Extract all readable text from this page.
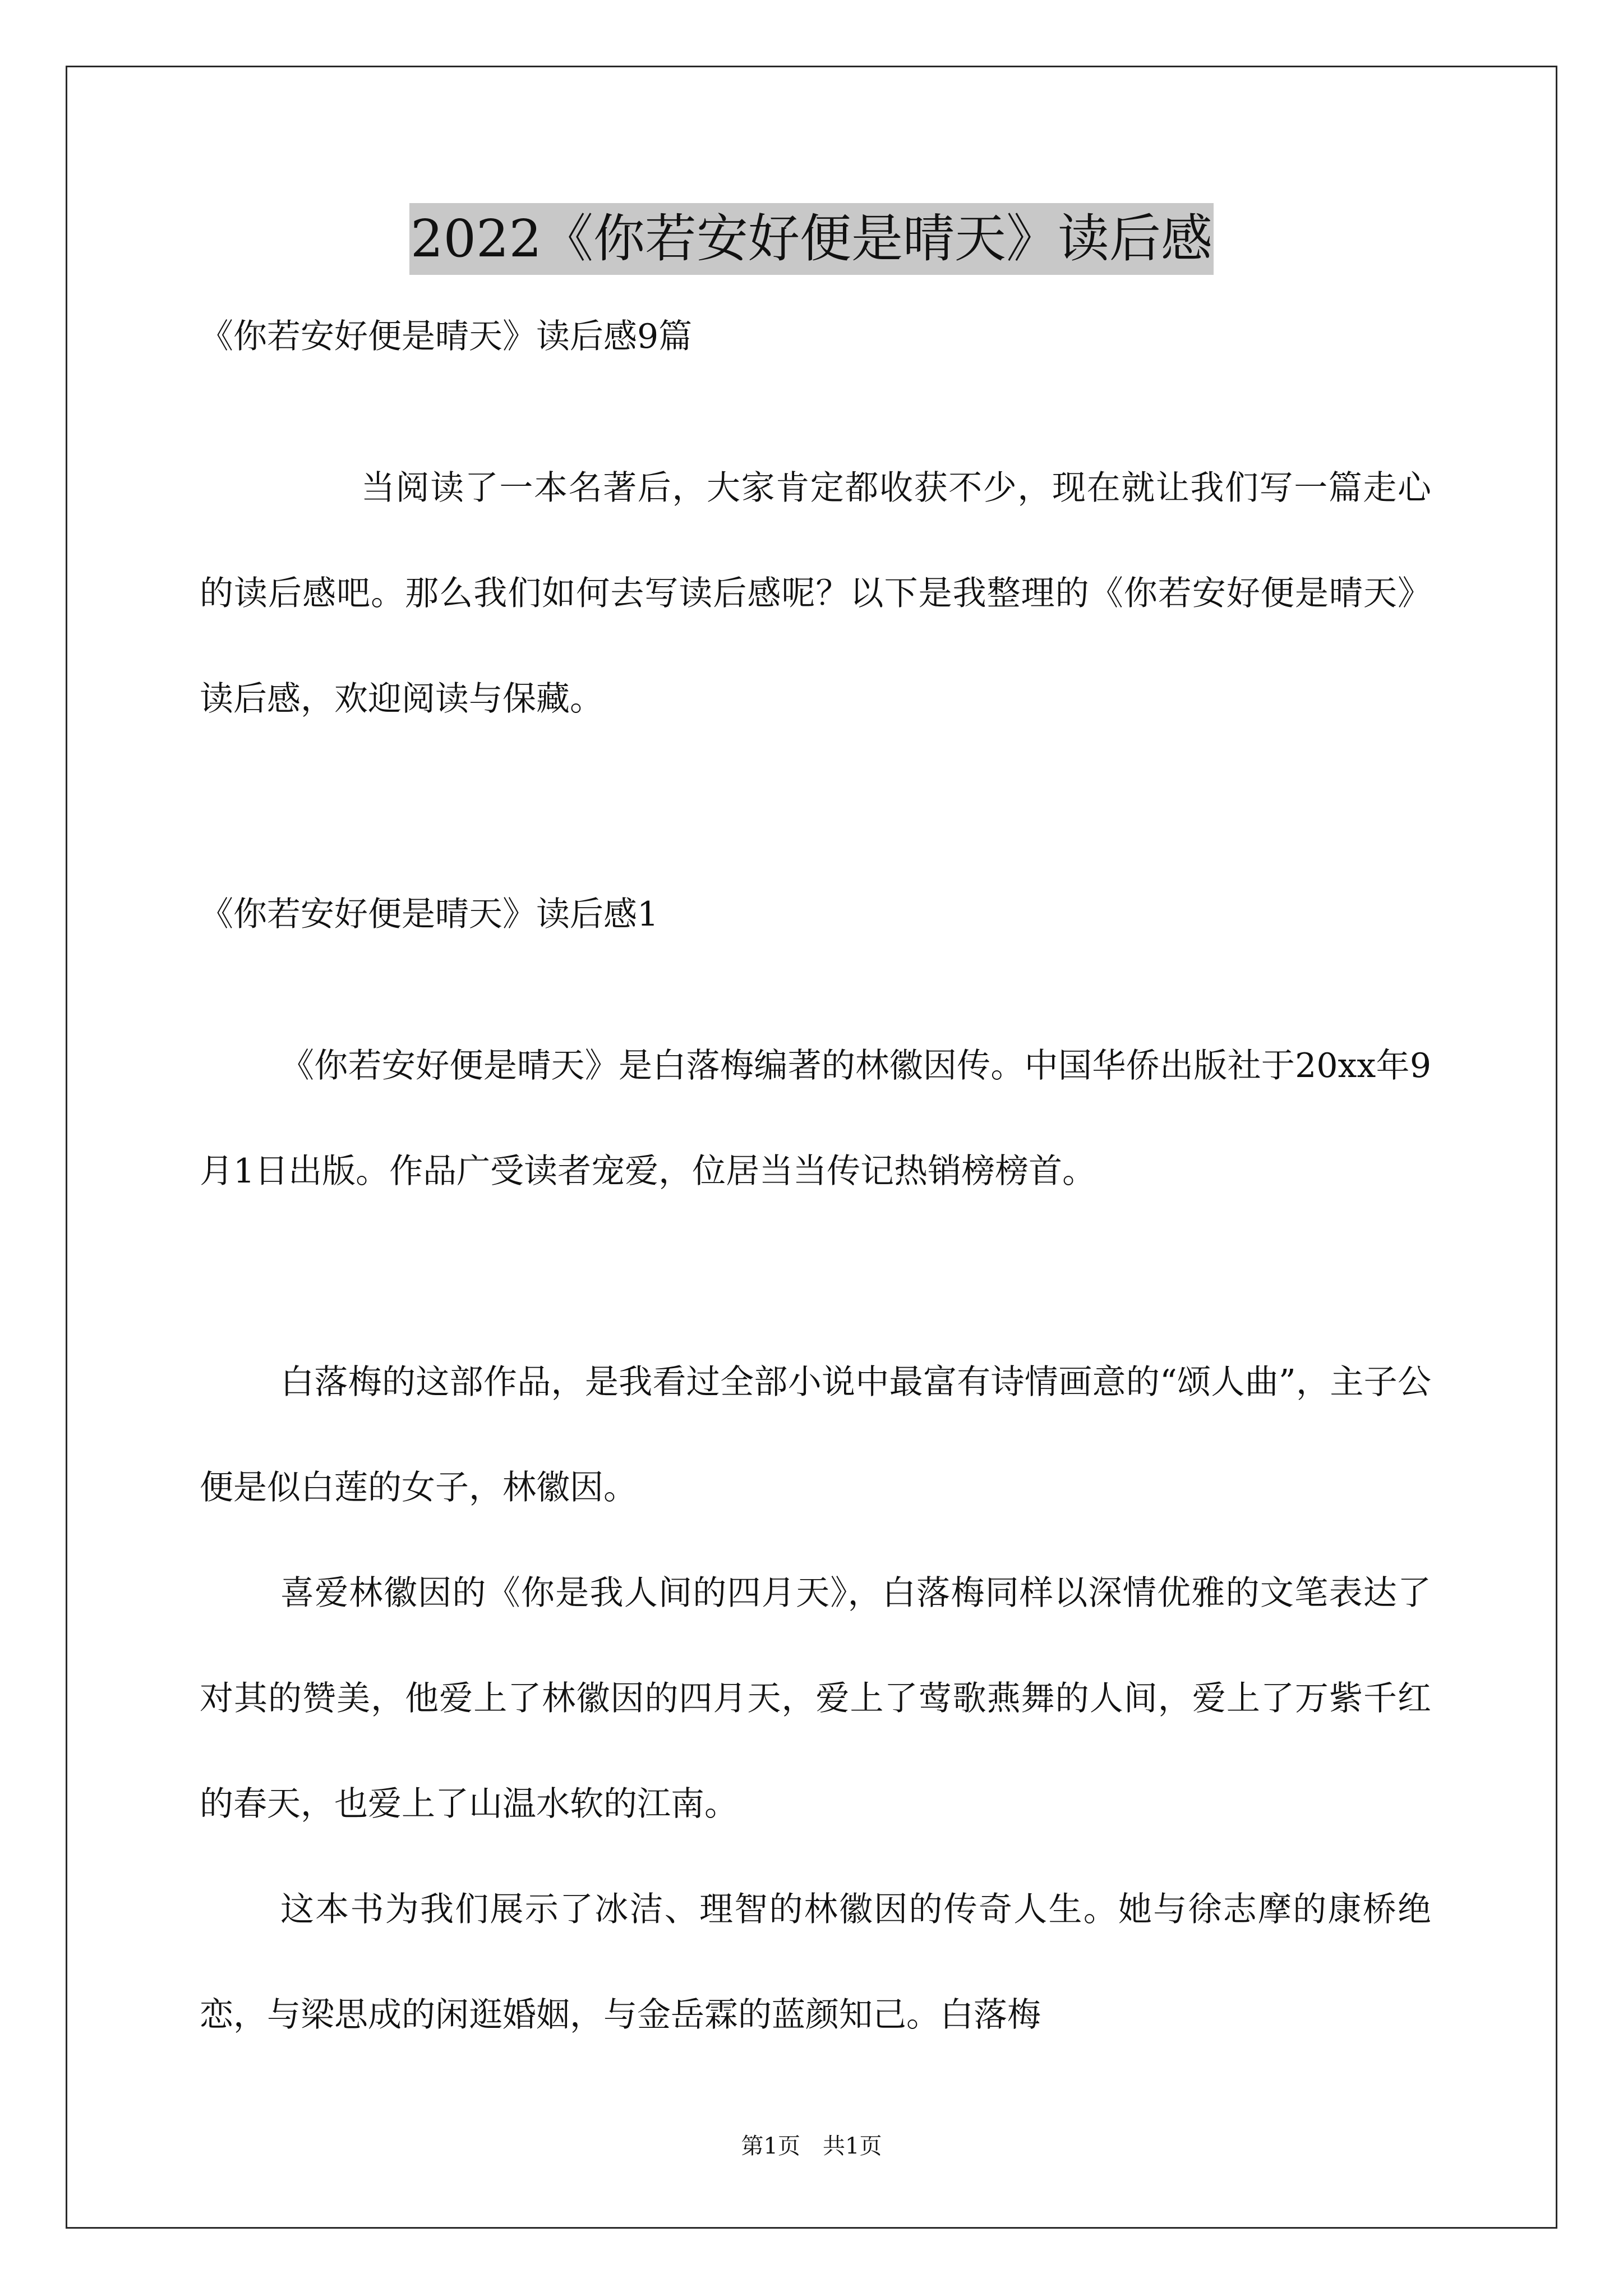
2022《你若安好便是晴天》读后感

《你若安好便是晴天》读后感9篇

当阅读了一本名著后，大家肯定都收获不少，现在就让我们写一篇走心的读后感吧。那么我们如何去写读后感呢？以下是我整理的《你若安好便是晴天》读后感，欢迎阅读与保藏。

《你若安好便是晴天》读后感1

《你若安好便是晴天》是白落梅编著的林徽因传。中国华侨出版社于20xx年9月1日出版。作品广受读者宠爱，位居当当传记热销榜榜首。

白落梅的这部作品，是我看过全部小说中最富有诗情画意的“颂人曲”，主子公便是似白莲的女子，林徽因。

喜爱林徽因的《你是我人间的四月天》，白落梅同样以深情优雅的文笔表达了对其的赞美，他爱上了林徽因的四月天，爱上了莺歌燕舞的人间，爱上了万紫千红的春天，也爱上了山温水软的江南。

这本书为我们展示了冰洁、理智的林徽因的传奇人生。她与徐志摩的康桥绝恋，与梁思成的闲逛婚姻，与金岳霖的蓝颜知己。白落梅

第1页　共1页
